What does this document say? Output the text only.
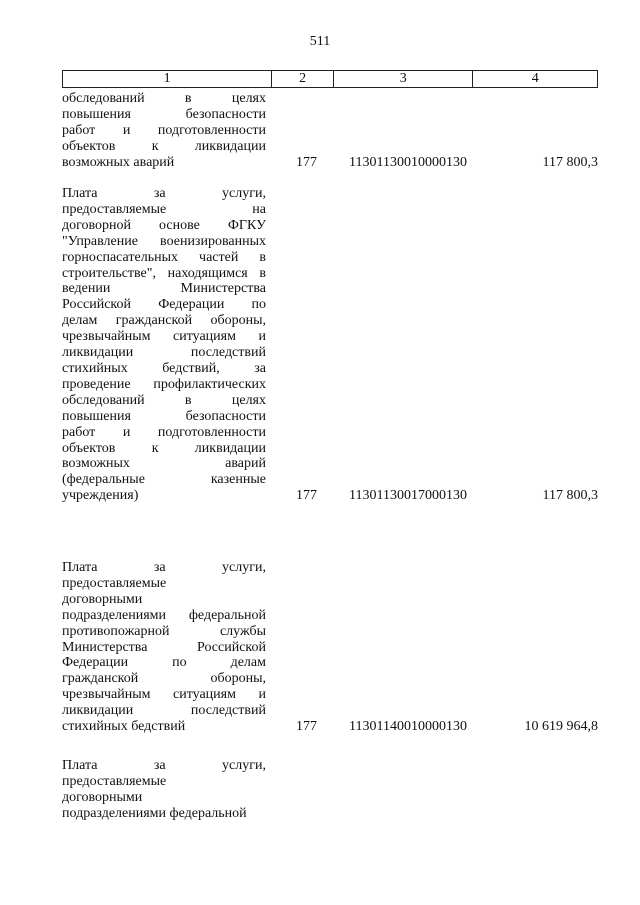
511
1	2	3	4
обследований в целях
повышения безопасности
работ и подготовленности
объектов к ликвидации
возможных аварий	177 11301130010000130	117 800,3
Плата за услуги,
предоставляемые на
договорной основе ФГКУ
"Управление военизированных
горноспасательных частей в
строительстве", находящимся в
ведении Министерства
Российской Федерации по
делам гражданской обороны,
чрезвычайным ситуациям и
ликвидации последствий
стихийных бедствий, за
проведение профилактических
обследований в целях
повышения безопасности
работ и подготовленности
объектов к ликвидации
возможных аварий
(федеральные казенные
учреждения)	177 11301130017000130	117 800,3
Плата за услуги,
предоставляемые
договорными
подразделениями федеральной
противопожарной службы
Министерства Российской
Федерации по делам
гражданской обороны,
чрезвычайным ситуациям и
ликвидации последствий
стихийных бедствий	177 11301140010000130	10 619 964,8
Плата за услуги,
предоставляемые
договорными
подразделениями федеральной
